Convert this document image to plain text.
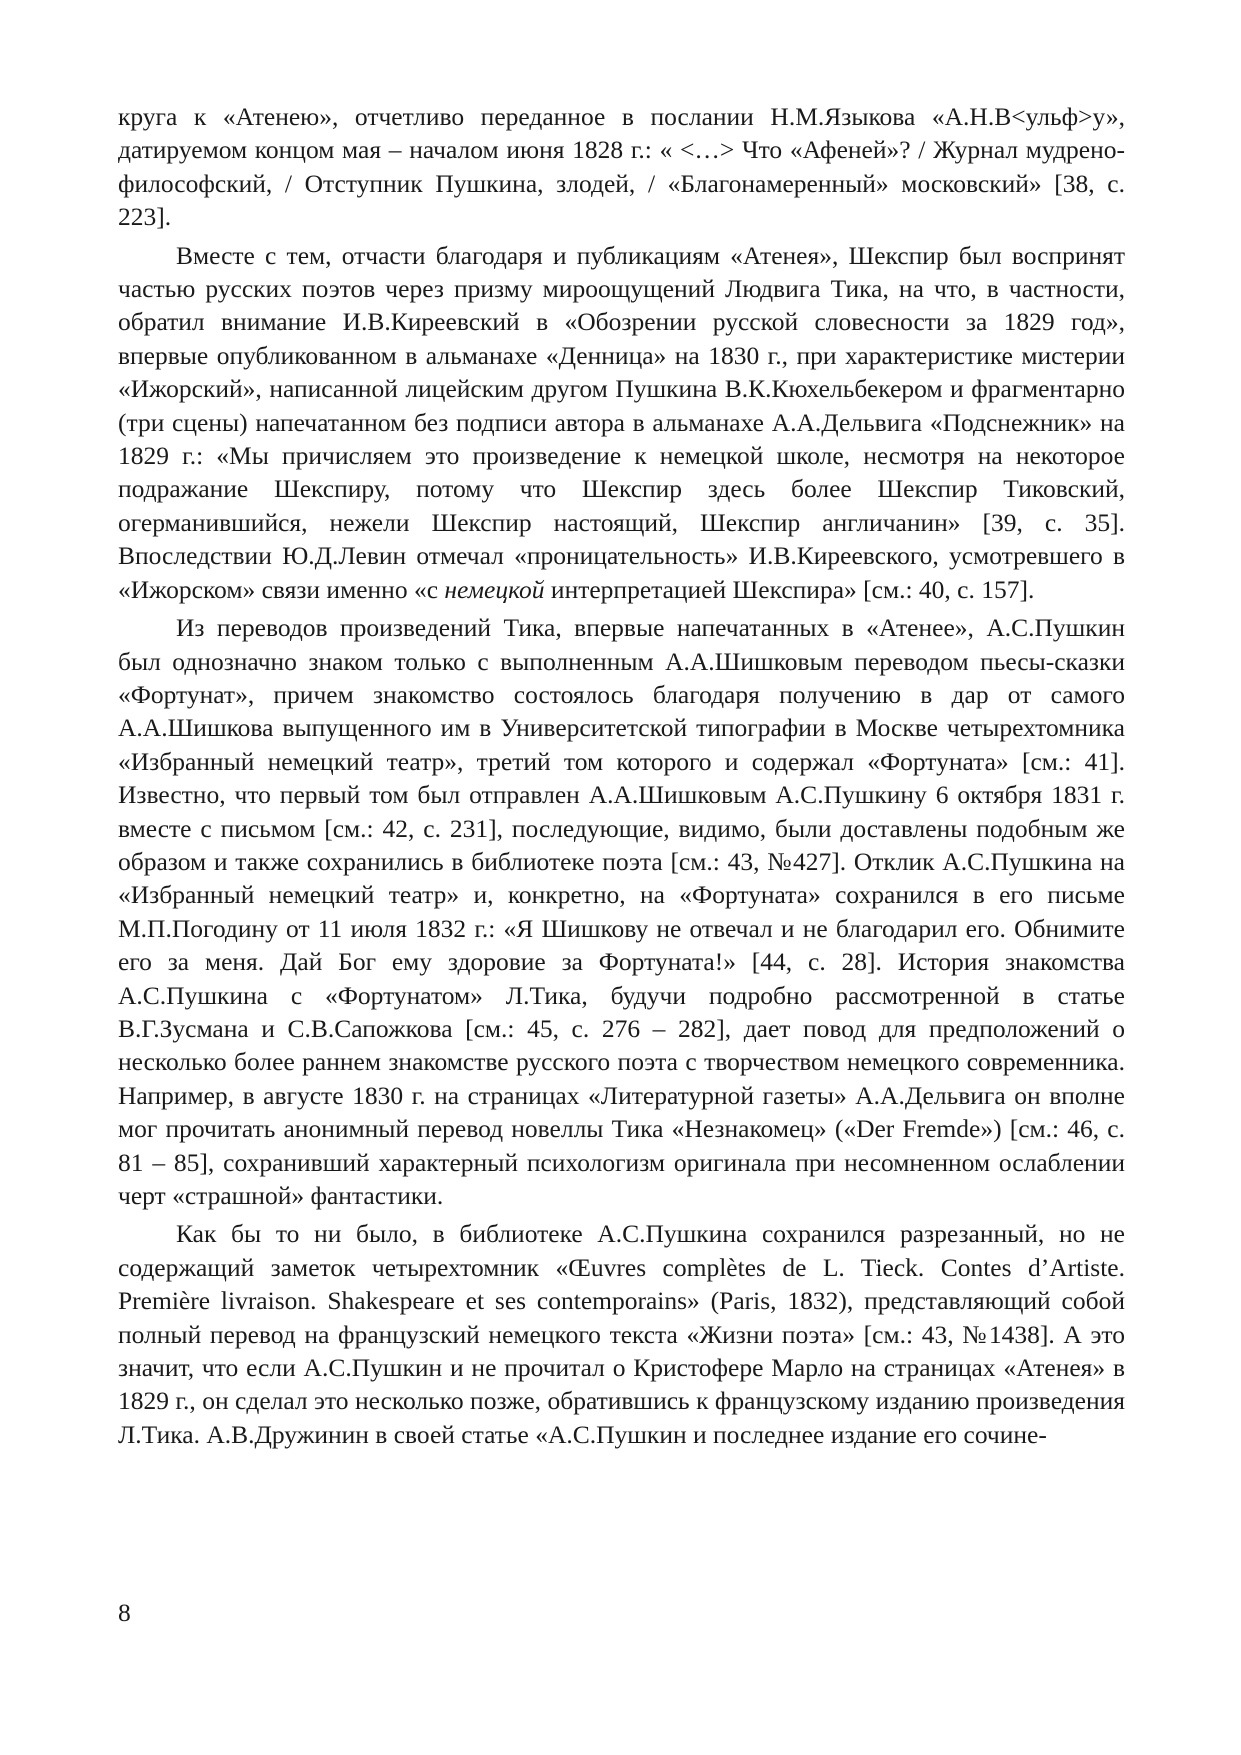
круга к «Атенею», отчетливо переданное в послании Н.М.Языкова «А.Н.В<ульф>у», датируемом концом мая – началом июня 1828 г.: « <…> Что «Афеней»? / Журнал мудрено-философский, / Отступник Пушкина, злодей, / «Благонамеренный» московский» [38, с. 223].

Вместе с тем, отчасти благодаря и публикациям «Атенея», Шекспир был воспринят частью русских поэтов через призму мироощущений Людвига Тика, на что, в частности, обратил внимание И.В.Киреевский в «Обозрении русской словесности за 1829 год», впервые опубликованном в альманахе «Денница» на 1830 г., при характеристике мистерии «Ижорский», написанной лицейским другом Пушкина В.К.Кюхельбекером и фрагментарно (три сцены) напечатанном без подписи автора в альманахе А.А.Дельвига «Подснежник» на 1829 г.: «Мы причисляем это произведение к немецкой школе, несмотря на некоторое подражание Шекспиру, потому что Шекспир здесь более Шекспир Тиковский, огерманившийся, нежели Шекспир настоящий, Шекспир англичанин» [39, с. 35]. Впоследствии Ю.Д.Левин отмечал «проницательность» И.В.Киреевского, усмотревшего в «Ижорском» связи именно «с немецкой интерпретацией Шекспира» [см.: 40, с. 157].

Из переводов произведений Тика, впервые напечатанных в «Атенее», А.С.Пушкин был однозначно знаком только с выполненным А.А.Шишковым переводом пьесы-сказки «Фортунат», причем знакомство состоялось благодаря получению в дар от самого А.А.Шишкова выпущенного им в Университетской типографии в Москве четырехтомника «Избранный немецкий театр», третий том которого и содержал «Фортуната» [см.: 41]. Известно, что первый том был отправлен А.А.Шишковым А.С.Пушкину 6 октября 1831 г. вместе с письмом [см.: 42, с. 231], последующие, видимо, были доставлены подобным же образом и также сохранились в библиотеке поэта [см.: 43, №427]. Отклик А.С.Пушкина на «Избранный немецкий театр» и, конкретно, на «Фортуната» сохранился в его письме М.П.Погодину от 11 июля 1832 г.: «Я Шишкову не отвечал и не благодарил его. Обнимите его за меня. Дай Бог ему здоровие за Фортуната!» [44, с. 28]. История знакомства А.С.Пушкина с «Фортунатом» Л.Тика, будучи подробно рассмотренной в статье В.Г.Зусмана и С.В.Сапожкова [см.: 45, с. 276 – 282], дает повод для предположений о несколько более раннем знакомстве русского поэта с творчеством немецкого современника. Например, в августе 1830 г. на страницах «Литературной газеты» А.А.Дельвига он вполне мог прочитать анонимный перевод новеллы Тика «Незнакомец» («Der Fremde») [см.: 46, с. 81 – 85], сохранивший характерный психологизм оригинала при несомненном ослаблении черт «страшной» фантастики.

Как бы то ни было, в библиотеке А.С.Пушкина сохранился разрезанный, но не содержащий заметок четырехтомник «Œuvres complètes de L. Tieck. Contes d’Artiste. Première livraison. Shakespeare et ses contemporains» (Paris, 1832), представляющий собой полный перевод на французский немецкого текста «Жизни поэта» [см.: 43, №1438]. А это значит, что если А.С.Пушкин и не прочитал о Кристофере Марло на страницах «Атенея» в 1829 г., он сделал это несколько позже, обратившись к французскому изданию произведения Л.Тика. А.В.Дружинин в своей статье «А.С.Пушкин и последнее издание его сочине-

8
